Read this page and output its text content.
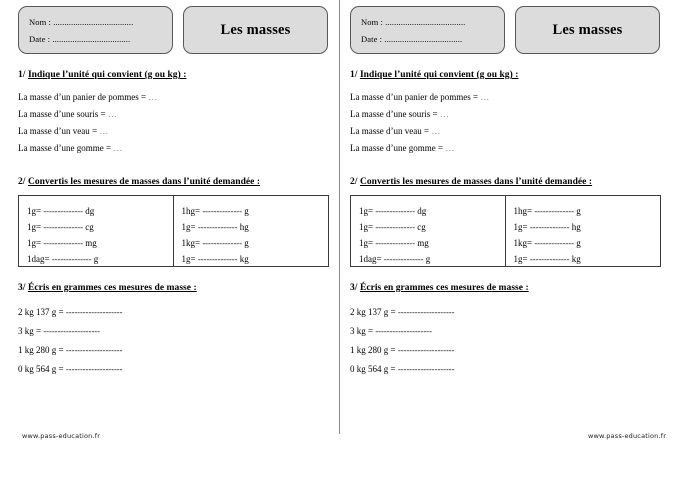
Nom : ....................................
Date : ...................................
Les masses
1/ Indique l’unité qui convient (g ou kg) :
La masse d’un panier de pommes = …
La masse d’une souris = …
La masse d’un veau = …
La masse d’une gomme = …
2/ Convertis les mesures de masses dans l’unité demandée :
1g= -------------- dg
1g= -------------- cg
1g= -------------- mg
1dag= -------------- g
1hg= -------------- g
1g= -------------- hg
1kg= -------------- g
1g= -------------- kg
3/ Écris en grammes ces mesures de masse :
2 kg 137 g = --------------------
3 kg = --------------------
1 kg 280 g = --------------------
0 kg 564 g = --------------------
Nom : ....................................
Date : ...................................
Les masses
1/ Indique l’unité qui convient (g ou kg) :
La masse d’un panier de pommes = …
La masse d’une souris = …
La masse d’un veau = …
La masse d’une gomme = …
2/ Convertis les mesures de masses dans l’unité demandée :
1g= -------------- dg
1g= -------------- cg
1g= -------------- mg
1dag= -------------- g
1hg= -------------- g
1g= -------------- hg
1kg= -------------- g
1g= -------------- kg
3/ Écris en grammes ces mesures de masse :
2 kg 137 g = --------------------
3 kg = --------------------
1 kg 280 g = --------------------
0 kg 564 g = --------------------
www.pass-education.fr	www.pass-education.fr
